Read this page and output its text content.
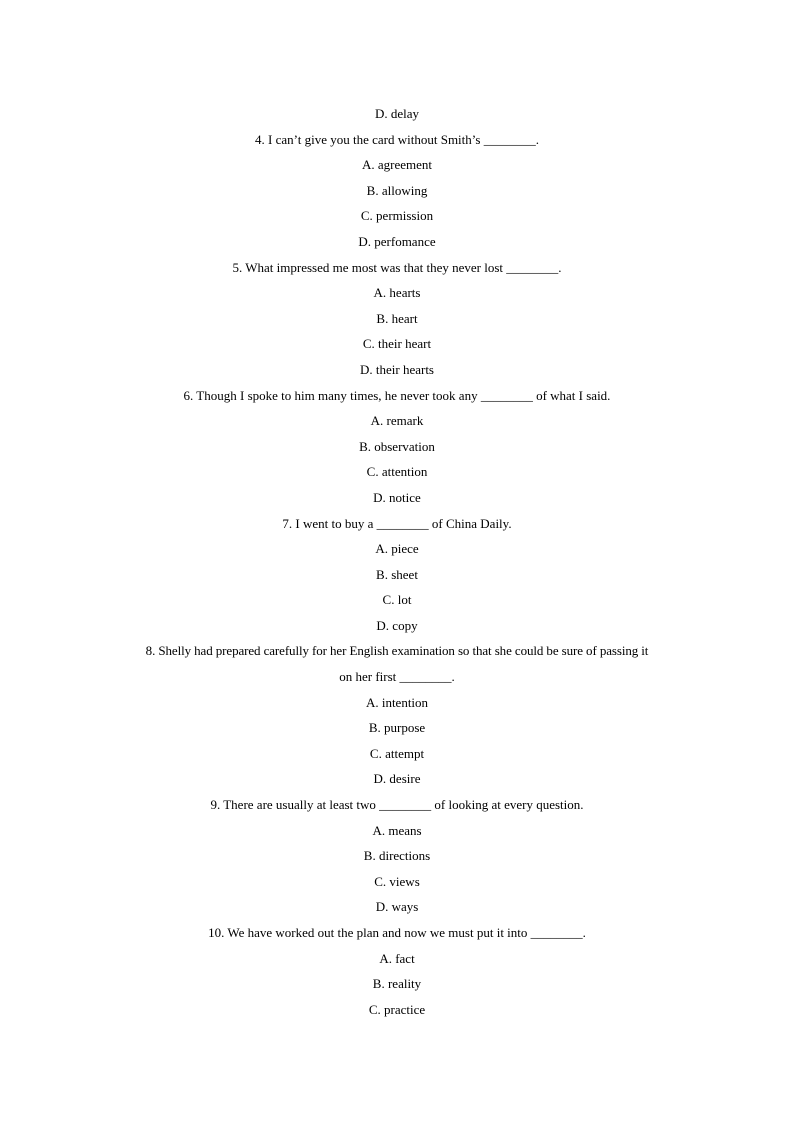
D. delay
4. I can’t give you the card without Smith’s ________.
A. agreement
B. allowing
C. permission
D. perfomance
5. What impressed me most was that they never lost ________.
A. hearts
B. heart
C. their heart
D. their hearts
6. Though I spoke to him many times, he never took any ________ of what I said.
A. remark
B. observation
C. attention
D. notice
7. I went to buy a ________ of China Daily.
A. piece
B. sheet
C. lot
D. copy
8. Shelly had prepared carefully for her English examination so that she could be sure of passing it
on her first ________.
A. intention
B. purpose
C. attempt
D. desire
9. There are usually at least two ________ of looking at every question.
A. means
B. directions
C. views
D. ways
10. We have worked out the plan and now we must put it into ________.
A. fact
B. reality
C. practice
